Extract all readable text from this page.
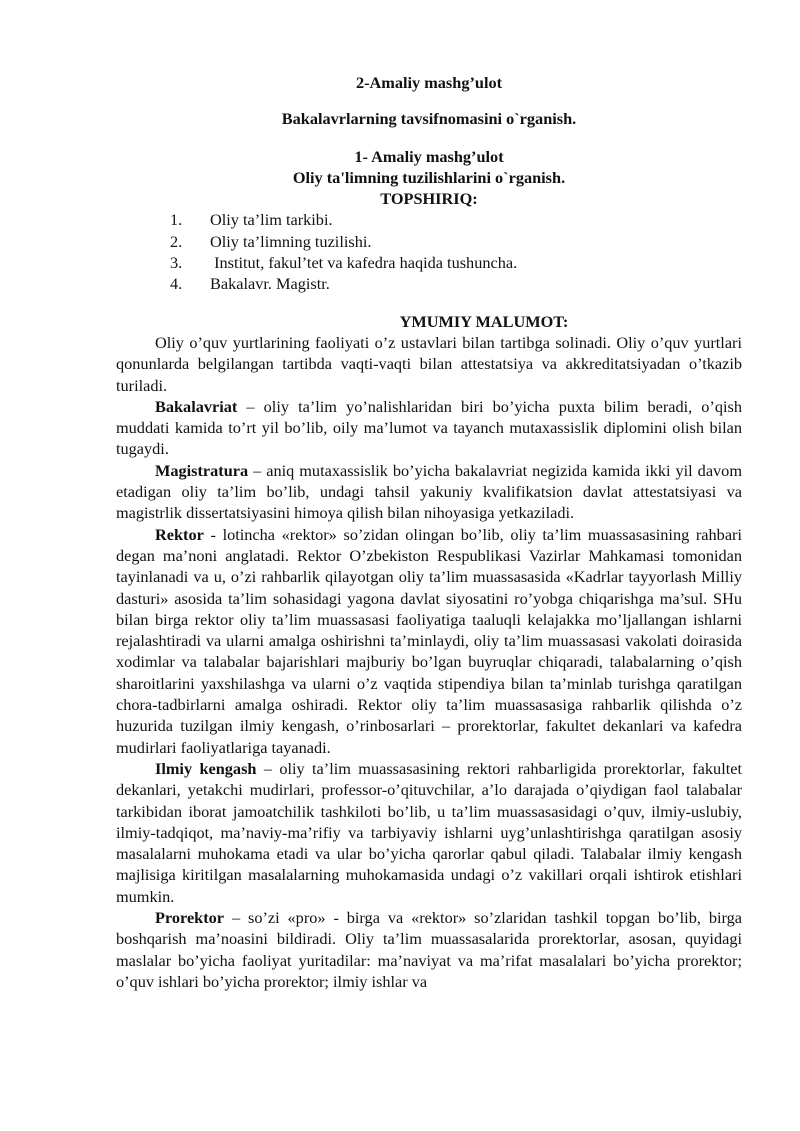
2-Amaliy mashg’ulot
Bakalavrlarning tavsifnomasini o`rganish.
1- Amaliy mashg’ulot
Oliy ta'limning tuzilishlarini o`rganish.
TOPSHIRIQ:
1.	Oliy ta’lim tarkibi.
2.	Oliy ta’limning tuzilishi.
3.	Institut, fakul’tet va kafedra haqida tushuncha.
4.	Bakalavr. Magistr.
YMUMIY MALUMOT:

Oliy o’quv yurtlarining faoliyati o’z ustavlari bilan tartibga solinadi. Oliy o’quv yurtlari qonunlarda belgilangan tartibda vaqti-vaqti bilan attestatsiya va akkreditatsiyadan o’tkazib turiladi.

Bakalavriat – oliy ta’lim yo’nalishlaridan biri bo’yicha puxta bilim beradi, o’qish muddati kamida to’rt yil bo’lib, oily ma’lumot va tayanch mutaxassislik diplomini olish bilan tugaydi.

Magistratura – aniq mutaxassislik bo’yicha bakalavriat negizida kamida ikki yil davom etadigan oliy ta’lim bo’lib, undagi tahsil yakuniy kvalifikatsion davlat attestatsiyasi va magistrlik dissertatsiyasini himoya qilish bilan nihoyasiga yetkaziladi.

Rektor - lotincha «rektor» so’zidan olingan bo’lib, oliy ta’lim muassasasining rahbari degan ma’noni anglatadi. Rektor O’zbekiston Respublikasi Vazirlar Mahkamasi tomonidan tayinlanadi va u, o’zi rahbarlik qilayotgan oliy ta’lim muassasasida «Kadrlar tayyorlash Milliy dasturi» asosida ta’lim sohasidagi yagona davlat siyosatini ro’yobga chiqarishga ma’sul. SHu bilan birga rektor oliy ta’lim muassasasi faoliyatiga taaluqli kelajakka mo’ljallangan ishlarni rejalashtiradi va ularni amalga oshirishni ta’minlaydi, oliy ta’lim muassasasi vakolati doirasida xodimlar va talabalar bajarishlari majburiy bo’lgan buyruqlar chiqaradi, talabalarning o’qish sharoitlarini yaxshilashga va ularni o’z vaqtida stipendiya bilan ta’minlab turishga qaratilgan chora-tadbirlarni amalga oshiradi. Rektor oliy ta’lim muassasasiga rahbarlik qilishda o’z huzurida tuzilgan ilmiy kengash, o’rinbosarlari – prorektorlar, fakultet dekanlari va kafedra mudirlari faoliyatlariga tayanadi.

Ilmiy kengash – oliy ta’lim muassasasining rektori rahbarligida prorektorlar, fakultet dekanlari, yetakchi mudirlari, professor-o’qituvchilar, a’lo darajada o’qiydigan faol talabalar tarkibidan iborat jamoatchilik tashkiloti bo’lib, u ta’lim muassasasidagi o’quv, ilmiy-uslubiy, ilmiy-tadqiqot, ma’naviy-ma’rifiy va tarbiyaviy ishlarni uyg’unlashtirishga qaratilgan asosiy masalalarni muhokama etadi va ular bo’yicha qarorlar qabul qiladi. Talabalar ilmiy kengash majlisiga kiritilgan masalalarning muhokamasida undagi o’z vakillari orqali ishtirok etishlari mumkin.

Prorektor – so’zi «pro» - birga va «rektor» so’zlaridan tashkil topgan bo’lib, birga boshqarish ma’noasini bildiradi. Oliy ta’lim muassasalarida prorektorlar, asosan, quyidagi maslalar bo’yicha faoliyat yuritadilar: ma’naviyat va ma’rifat masalalari bo’yicha prorektor; o’quv ishlari bo’yicha prorektor; ilmiy ishlar va
